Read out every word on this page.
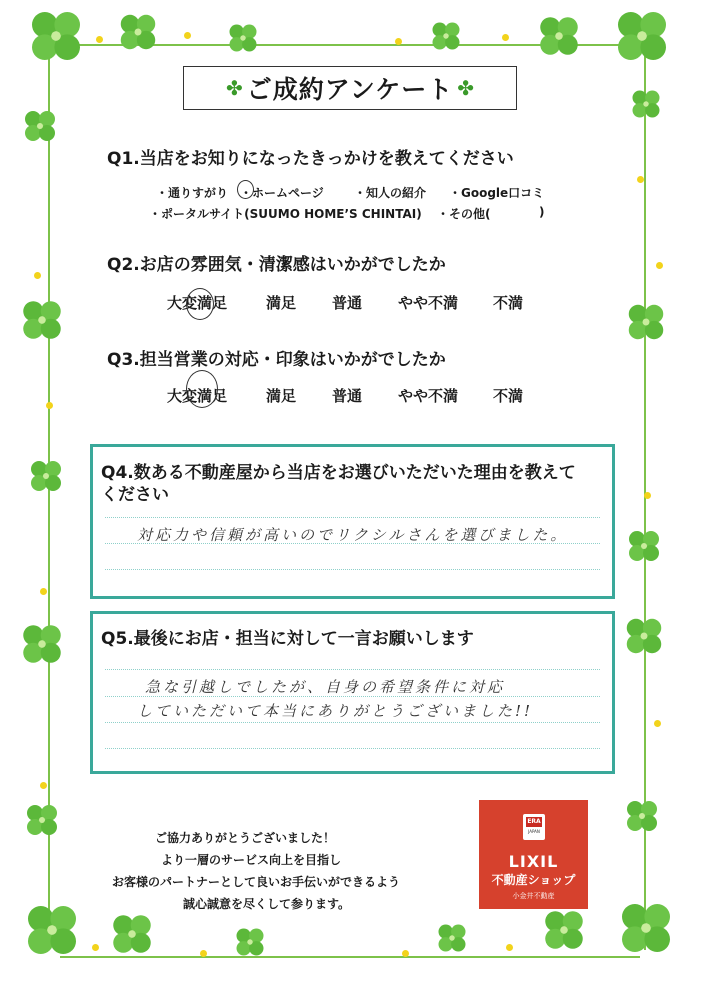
✤ ご成約アンケート ✤
Q1.当店をお知りになったきっかけを教えてください
・通りすがり ・ホームページ	・知人の紹介 ・Google口コミ
・ポータルサイト(SUUMO HOME’S CHINTAI) ・その他(	)
Q2.お店の雰囲気・清潔感はいかがでしたか
大変満足	満足 普通 やや不満 不満
Q3.担当営業の対応・印象はいかがでしたか
大変満足	満足 普通 やや不満 不満
Q4.数ある不動産屋から当店をお選びいただいた理由を教えて
ください
対応力や信頼が高いのでリクシルさんを選びました。
Q5.最後にお店・担当に対して一言お願いします
急な引越しでしたが、自身の希望条件に対応
していただいて本当にありがとうございました!!
ご協力ありがとうございました！
より一層のサービス向上を目指し
お客様のパートナーとして良いお手伝いができるよう
誠心誠意を尽くして参ります。
ERA
JAPAN
LIXIL
不動産ショップ
小金井不動産
